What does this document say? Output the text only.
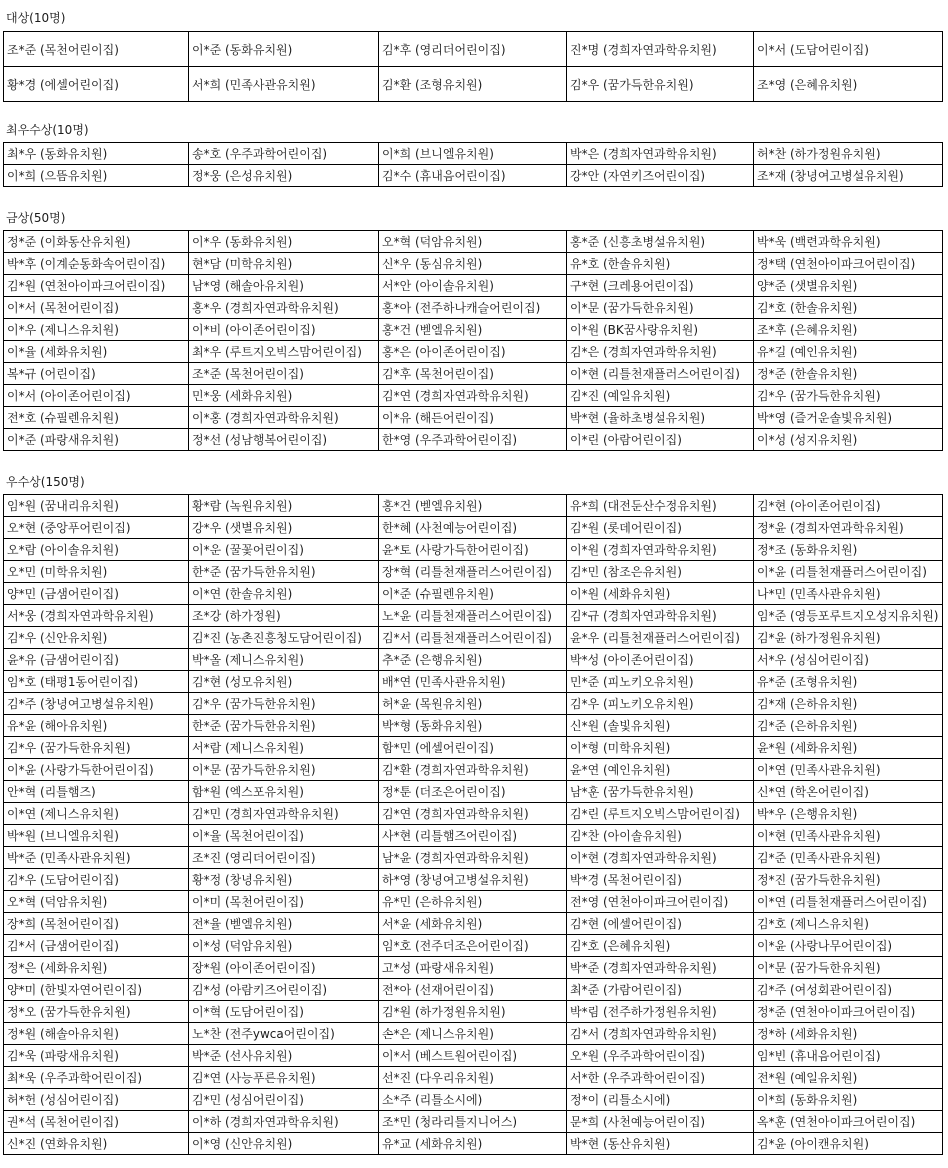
대상(10명)
조*준 (목천어린이집)	이*준 (동화유치원)	김*후 (영리더어린이집)	진*명 (경희자연과학유치원)	이*서 (도담어린이집)
황*경 (에셀어린이집)	서*희 (민족사관유치원)	김*환 (조형유치원)	김*우 (꿈가득한유치원)	조*영 (은혜유치원)
최우수상(10명)
최*우 (동화유치원)	송*호 (우주과학어린이집)	이*희 (브니엘유치원)	박*은 (경희자연과학유치원)	허*찬 (하가정원유치원)
이*희 (으뜸유치원)	정*웅 (은성유치원)	김*수 (휴내음어린이집)	강*안 (자연키즈어린이집)	조*재 (창녕여고병설유치원)
금상(50명)
정*준 (이화동산유치원)	이*우 (동화유치원)	오*혁 (덕암유치원)	홍*준 (신흥초병설유치원)	박*욱 (백련과학유치원)
박*후 (이계순동화속어린이집)	현*담 (미학유치원)	신*우 (동심유치원)	유*호 (한솔유치원)	정*택 (연천아이파크어린이집)
김*원 (연천아이파크어린이집)	남*영 (해솔아유치원)	서*안 (아이솔유치원)	구*현 (크레용어린이집)	양*준 (샛별유치원)
이*서 (목천어린이집)	홍*우 (경희자연과학유치원)	홍*아 (전주하나캐슬어린이집)	이*문 (꿈가득한유치원)	김*호 (한솔유치원)
이*우 (제니스유치원)	이*비 (아이존어린이집)	홍*건 (벧엘유치원)	이*원 (BK꿈사랑유치원)	조*후 (은혜유치원)
이*율 (세화유치원)	최*우 (루트지오빅스맘어린이집)	홍*은 (아이존어린이집)	김*은 (경희자연과학유치원)	유*길 (예인유치원)
복*규 (어린이집)	조*준 (목천어린이집)	김*후 (목천어린이집)	이*현 (리틀천재플러스어린이집)	정*준 (한솔유치원)
이*서 (아이존어린이집)	민*웅 (세화유치원)	김*연 (경희자연과학유치원)	김*진 (예일유치원)	김*우 (꿈가득한유치원)
전*호 (슈필렌유치원)	이*홍 (경희자연과학유치원)	이*유 (해든어린이집)	박*현 (율하초병설유치원)	박*영 (즐거운솔빛유치원)
이*준 (파랑새유치원)	정*선 (성남행복어린이집)	한*영 (우주과학어린이집)	이*린 (아람어린이집)	이*성 (성지유치원)
우수상(150명)
임*원 (꿈내리유치원)	황*람 (녹원유치원)	홍*건 (벧엘유치원)	유*희 (대전둔산수정유치원)	김*현 (아이존어린이집)
오*현 (중앙푸어린이집)	강*우 (샛별유치원)	한*혜 (사천예능어린이집)	김*원 (롯데어린이집)	정*윤 (경희자연과학유치원)
오*람 (아이솔유치원)	이*운 (꿀꽃어린이집)	윤*토 (사랑가득한어린이집)	이*원 (경희자연과학유치원)	정*조 (동화유치원)
오*민 (미학유치원)	한*준 (꿈가득한유치원)	장*혁 (리틀천재플러스어린이집)	김*민 (참조은유치원)	이*윤 (리틀천재플러스어린이집)
양*민 (금샘어린이집)	이*연 (한솔유치원)	이*준 (슈필렌유치원)	이*원 (세화유치원)	나*민 (민족사관유치원)
서*웅 (경희자연과학유치원)	조*강 (하가정원)	노*윤 (리틀천재플러스어린이집)	김*규 (경희자연과학유치원)	임*준 (영등포루트지오성지유치원)
김*우 (신안유치원)	김*진 (농촌진흥청도담어린이집)	김*서 (리틀천재플러스어린이집)	윤*우 (리틀천재플러스어린이집)	김*윤 (하가정원유치원)
윤*유 (금샘어린이집)	박*올 (제니스유치원)	추*준 (은행유치원)	박*성 (아이존어린이집)	서*우 (성심어린이집)
임*호 (태평1동어린이집)	김*현 (성모유치원)	배*연 (민족사관유치원)	민*준 (피노키오유치원)	유*준 (조형유치원)
김*주 (창녕여고병설유치원)	김*우 (꿈가득한유치원)	허*윤 (목원유치원)	김*우 (피노키오유치원)	김*재 (은하유치원)
유*윤 (해아유치원)	한*준 (꿈가득한유치원)	박*형 (동화유치원)	신*원 (솔빛유치원)	김*준 (은하유치원)
김*우 (꿈가득한유치원)	서*람 (제니스유치원)	함*민 (에셀어린이집)	이*형 (미학유치원)	윤*원 (세화유치원)
이*윤 (사랑가득한어린이집)	이*문 (꿈가득한유치원)	김*환 (경희자연과학유치원)	윤*연 (예인유치원)	이*연 (민족사관유치원)
안*혁 (리틀햄즈)	함*원 (엑스포유치원)	정*툰 (더조은어린이집)	남*훈 (꿈가득한유치원)	신*연 (학온어린이집)
이*연 (제니스유치원)	김*민 (경희자연과학유치원)	김*연 (경희자연과학유치원)	김*린 (루트지오빅스맘어린이집)	박*우 (은행유치원)
박*원 (브니엘유치원)	이*율 (목천어린이집)	사*현 (리틀햄즈어린이집)	김*찬 (아이솔유치원)	이*현 (민족사관유치원)
박*준 (민족사관유치원)	조*진 (영리더어린이집)	남*윤 (경희자연과학유치원)	이*현 (경희자연과학유치원)	김*준 (민족사관유치원)
김*우 (도담어린이집)	황*정 (창녕유치원)	하*영 (창녕여고병설유치원)	박*경 (목천어린이집)	정*진 (꿈가득한유치원)
오*혁 (덕암유치원)	이*미 (목천어린이집)	유*민 (은하유치원)	전*영 (연천아이파크어린이집)	이*연 (리틀천재플러스어린이집)
장*희 (목천어린이집)	전*율 (벧엘유치원)	서*윤 (세화유치원)	김*현 (에셀어린이집)	김*호 (제니스유치원)
김*서 (금샘어린이집)	이*성 (덕암유치원)	임*호 (전주더조은어린이집)	김*호 (은혜유치원)	이*윤 (사랑나무어린이집)
정*은 (세화유치원)	장*원 (아이존어린이집)	고*성 (파랑새유치원)	박*준 (경희자연과학유치원)	이*문 (꿈가득한유치원)
양*미 (한빛자연어린이집)	김*성 (아람키즈어린이집)	전*아 (선재어린이집)	최*준 (가람어린이집)	김*주 (여성회관어린이집)
정*오 (꿈가득한유치원)	이*혁 (도담어린이집)	김*원 (하가정원유치원)	박*림 (전주하가정원유치원)	정*준 (연천아이파크어린이집)
정*원 (해솔아유치원)	노*찬 (전주ywca어린이집)	손*은 (제니스유치원)	김*서 (경희자연과학유치원)	정*하 (세화유치원)
김*욱 (파랑새유치원)	박*준 (선사유치원)	이*서 (베스트원어린이집)	오*원 (우주과학어린이집)	임*빈 (휴내음어린이집)
최*욱 (우주과학어린이집)	김*연 (사능푸른유치원)	선*진 (다우리유치원)	서*한 (우주과학어린이집)	전*원 (예일유치원)
허*헌 (성심어린이집)	김*민 (성심어린이집)	소*주 (리틀소시에)	정*이 (리틀소시에)	이*희 (동화유치원)
권*석 (목천어린이집)	이*하 (경희자연과학유치원)	조*민 (청라리틀지니어스)	문*희 (사천예능어린이집)	옥*훈 (연천아이파크어린이집)
신*진 (연화유치원)	이*영 (신안유치원)	유*교 (세화유치원)	박*현 (동산유치원)	김*윤 (아이캔유치원)
